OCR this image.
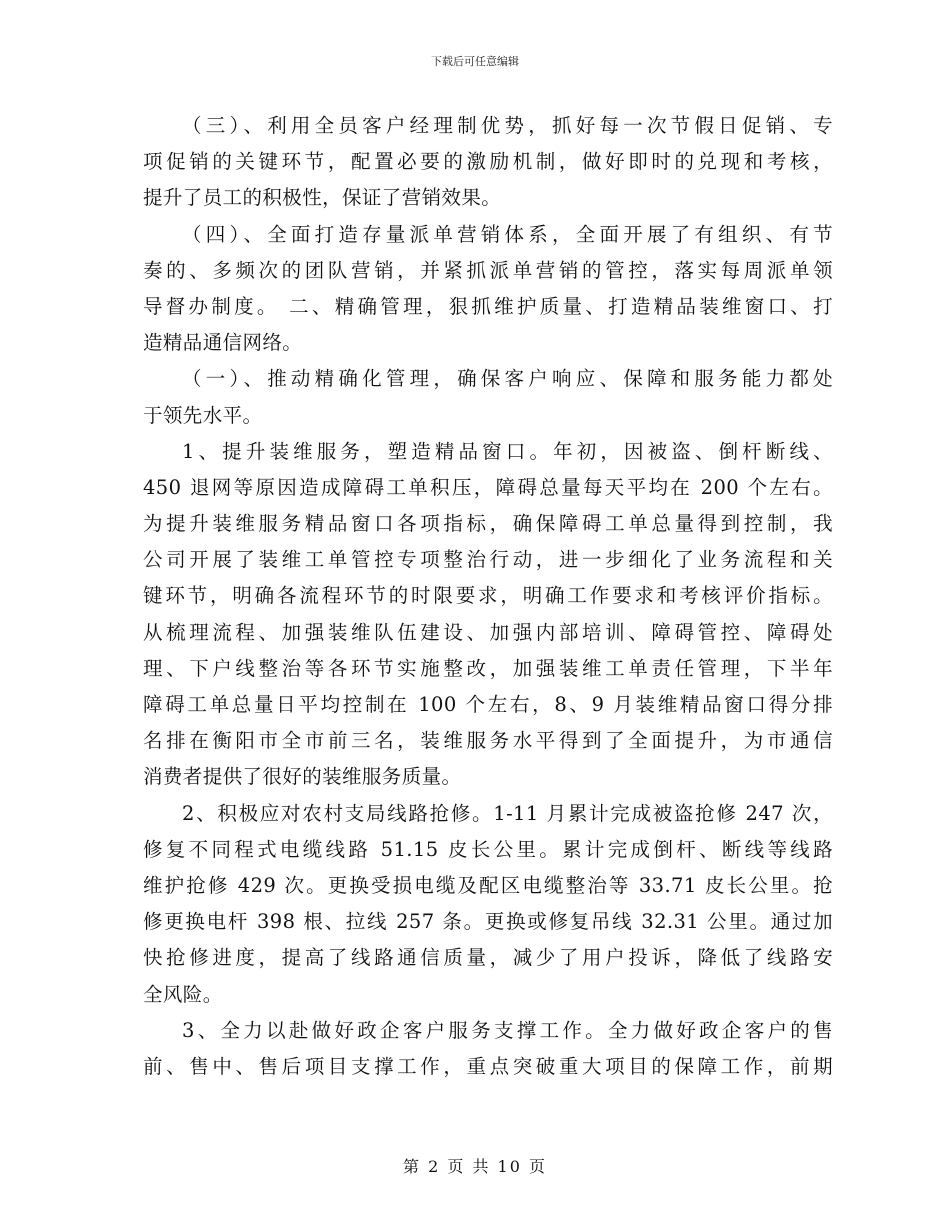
下载后可任意编辑
（三）、利用全员客户经理制优势，抓好每一次节假日促销、专
项促销的关键环节，配置必要的激励机制，做好即时的兑现和考核，
提升了员工的积极性，保证了营销效果。
（四）、全面打造存量派单营销体系，全面开展了有组织、有节
奏的、多频次的团队营销，并紧抓派单营销的管控，落实每周派单领
导督办制度。 二、精确管理，狠抓维护质量、打造精品装维窗口、打
造精品通信网络。
（一）、推动精确化管理，确保客户响应、保障和服务能力都处
于领先水平。
1、提升装维服务，塑造精品窗口。年初，因被盗、倒杆断线、
450 退网等原因造成障碍工单积压，障碍总量每天平均在 200 个左右。
为提升装维服务精品窗口各项指标，确保障碍工单总量得到控制，我
公司开展了装维工单管控专项整治行动，进一步细化了业务流程和关
键环节，明确各流程环节的时限要求，明确工作要求和考核评价指标。
从梳理流程、加强装维队伍建设、加强内部培训、障碍管控、障碍处
理、下户线整治等各环节实施整改，加强装维工单责任管理，下半年
障碍工单总量日平均控制在 100 个左右，8、9 月装维精品窗口得分排
名排在衡阳市全市前三名，装维服务水平得到了全面提升，为市通信
消费者提供了很好的装维服务质量。
2、积极应对农村支局线路抢修。1-11 月累计完成被盗抢修 247 次，
修复不同程式电缆线路 51.15 皮长公里。累计完成倒杆、断线等线路
维护抢修 429 次。更换受损电缆及配区电缆整治等 33.71 皮长公里。抢
修更换电杆 398 根、拉线 257 条。更换或修复吊线 32.31 公里。通过加
快抢修进度，提高了线路通信质量，减少了用户投诉，降低了线路安
全风险。
3、全力以赴做好政企客户服务支撑工作。全力做好政企客户的售
前、售中、售后项目支撑工作，重点突破重大项目的保障工作，前期
第 2 页 共 10 页
